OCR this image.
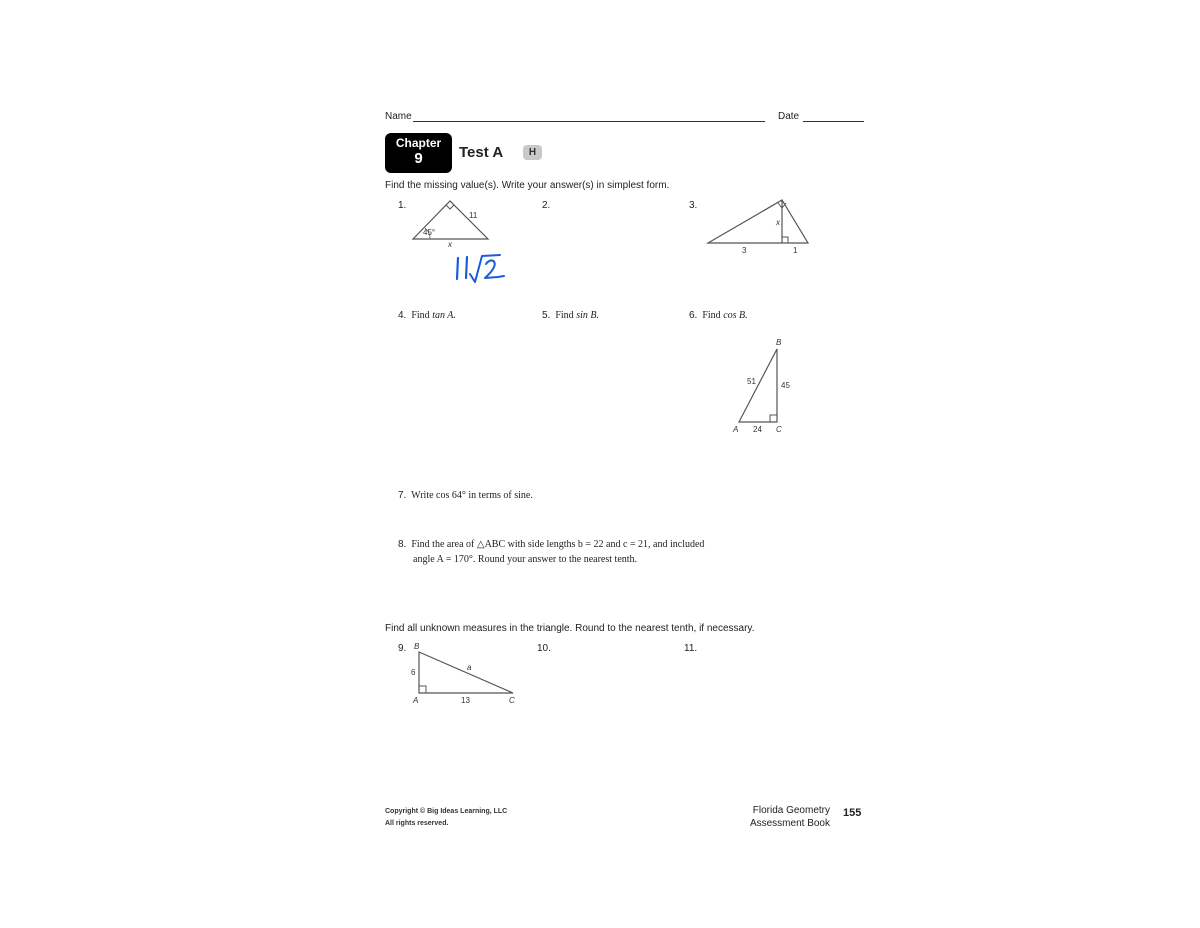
Name	Date
Chapter
9	Test A	H
Find the missing value(s). Write your answer(s) in simplest form.
1.	2.	3.
45°
11
x
x
3	1
4. Find tan A.	5. Find sin B.	6. Find cos B.
B
A	C
51	45
24
7. Write cos 64° in terms of sine.
8. Find the area of △ABC with side lengths b = 22 and c = 21, and included
angle A = 170°. Round your answer to the nearest tenth.
Find all unknown measures in the triangle. Round to the nearest tenth, if necessary.
9.	10.	11.
B
A	C
6
13
a
Copyright © Big Ideas Learning, LLC
All rights reserved.
Florida Geometry
Assessment Book
155
